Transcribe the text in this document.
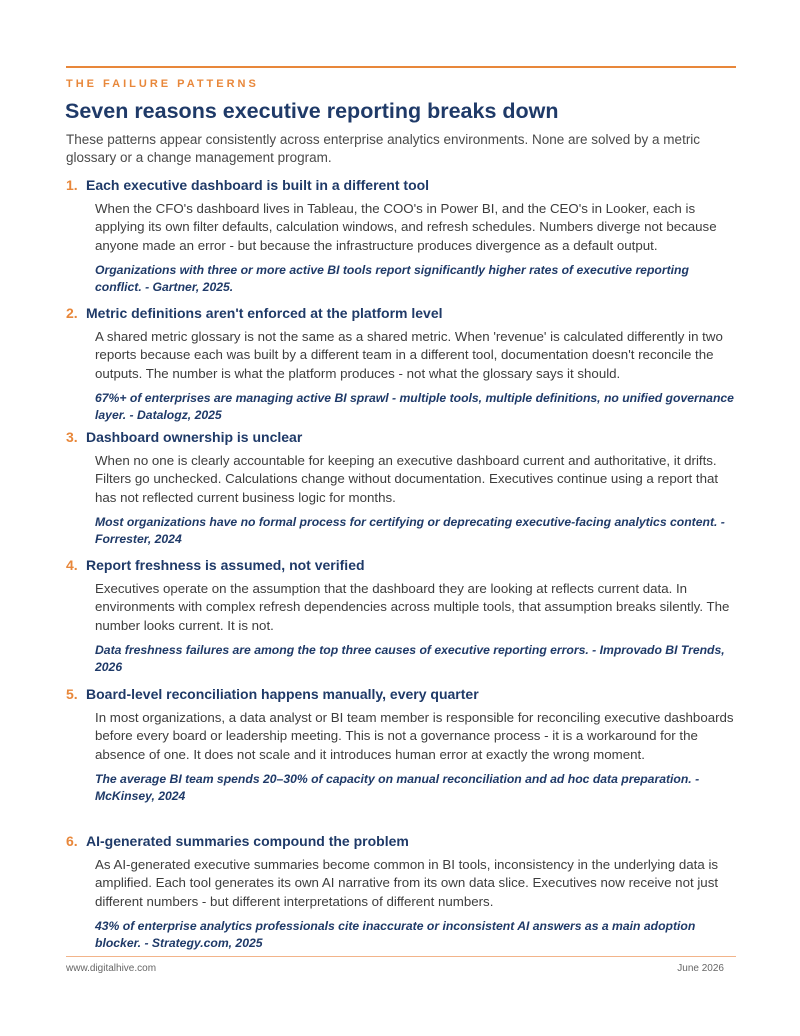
THE FAILURE PATTERNS
Seven reasons executive reporting breaks down

These patterns appear consistently across enterprise analytics environments. None are solved by a metric glossary or a change management program.

1. Each executive dashboard is built in a different tool
When the CFO's dashboard lives in Tableau, the COO's in Power BI, and the CEO's in Looker, each is applying its own filter defaults, calculation windows, and refresh schedules. Numbers diverge not because anyone made an error - but because the infrastructure produces divergence as a default output.
Organizations with three or more active BI tools report significantly higher rates of executive reporting conflict. - Gartner, 2025.
2. Metric definitions aren't enforced at the platform level
A shared metric glossary is not the same as a shared metric. When 'revenue' is calculated differently in two reports because each was built by a different team in a different tool, documentation doesn't reconcile the outputs. The number is what the platform produces - not what the glossary says it should.
67%+ of enterprises are managing active BI sprawl - multiple tools, multiple definitions, no unified governance layer. - Datalogz, 2025
3. Dashboard ownership is unclear
When no one is clearly accountable for keeping an executive dashboard current and authoritative, it drifts. Filters go unchecked. Calculations change without documentation. Executives continue using a report that has not reflected current business logic for months.
Most organizations have no formal process for certifying or deprecating executive-facing analytics content. - Forrester, 2024
4. Report freshness is assumed, not verified
Executives operate on the assumption that the dashboard they are looking at reflects current data. In environments with complex refresh dependencies across multiple tools, that assumption breaks silently. The number looks current. It is not.
Data freshness failures are among the top three causes of executive reporting errors. - Improvado BI Trends, 2026
5. Board-level reconciliation happens manually, every quarter
In most organizations, a data analyst or BI team member is responsible for reconciling executive dashboards before every board or leadership meeting. This is not a governance process - it is a workaround for the absence of one. It does not scale and it introduces human error at exactly the wrong moment.
The average BI team spends 20–30% of capacity on manual reconciliation and ad hoc data preparation. - McKinsey, 2024
6. AI-generated summaries compound the problem
As AI-generated executive summaries become common in BI tools, inconsistency in the underlying data is amplified. Each tool generates its own AI narrative from its own data slice. Executives now receive not just different numbers - but different interpretations of different numbers.
43% of enterprise analytics professionals cite inaccurate or inconsistent AI answers as a main adoption blocker. - Strategy.com, 2025
www.digitalhive.com	June 2026
